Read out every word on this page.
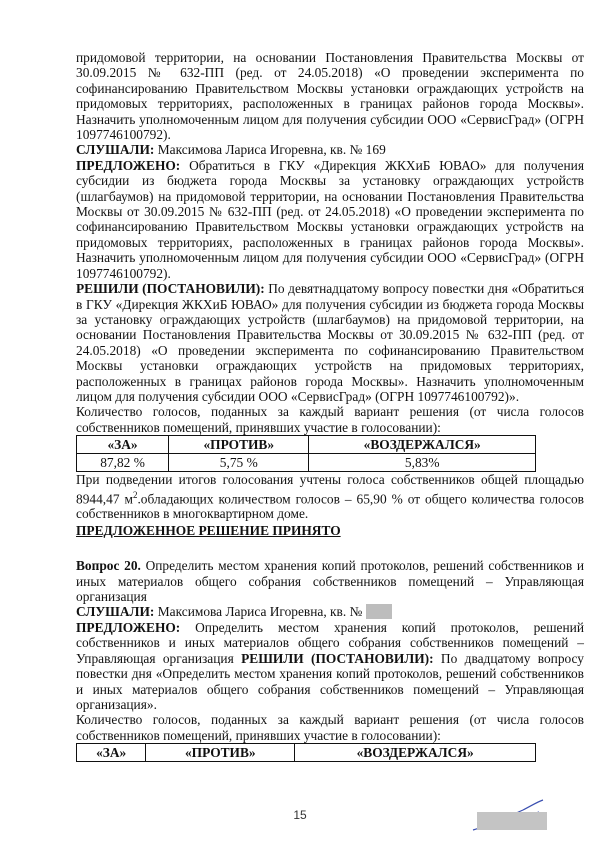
придомовой территории, на основании Постановления Правительства Москвы от 30.09.2015 № 632-ПП (ред. от 24.05.2018) «О проведении эксперимента по софинансированию Правительством Москвы установки ограждающих устройств на придомовых территориях, расположенных в границах районов города Москвы». Назначить уполномоченным лицом для получения субсидии ООО «СервисГрад» (ОГРН 1097746100792).

СЛУШАЛИ: Максимова Лариса Игоревна, кв. № 169

ПРЕДЛОЖЕНО: Обратиться в ГКУ «Дирекция ЖКХиБ ЮВАО» для получения субсидии из бюджета города Москвы за установку ограждающих устройств (шлагбаумов) на придомовой территории, на основании Постановления Правительства Москвы от 30.09.2015 № 632-ПП (ред. от 24.05.2018) «О проведении эксперимента по софинансированию Правительством Москвы установки ограждающих устройств на придомовых территориях, расположенных в границах районов города Москвы». Назначить уполномоченным лицом для получения субсидии ООО «СервисГрад» (ОГРН 1097746100792).

РЕШИЛИ (ПОСТАНОВИЛИ): По девятнадцатому вопросу повестки дня «Обратиться в ГКУ «Дирекция ЖКХиБ ЮВАО» для получения субсидии из бюджета города Москвы за установку ограждающих устройств (шлагбаумов) на придомовой территории, на основании Постановления Правительства Москвы от 30.09.2015 № 632-ПП (ред. от 24.05.2018) «О проведении эксперимента по софинансированию Правительством Москвы установки ограждающих устройств на придомовых территориях, расположенных в границах районов города Москвы». Назначить уполномоченным лицом для получения субсидии ООО «СервисГрад» (ОГРН 1097746100792)».

Количество голосов, поданных за каждый вариант решения (от числа голосов собственников помещений, принявших участие в голосовании):

«ЗА»	«ПРОТИВ»	«ВОЗДЕРЖАЛСЯ»
87,82 %	5,75 %	5,83%

При подведении итогов голосования учтены голоса собственников общей площадью 8944,47 $м^2.обладающих$ количеством голосов – 65,90 % от общего количества голосов собственников в многоквартирном доме.

ПРЕДЛОЖЕННОЕ РЕШЕНИЕ ПРИНЯТО

Вопрос 20. Определить местом хранения копий протоколов, решений собственников и иных материалов общего собрания собственников помещений – Управляющая организация

СЛУШАЛИ: Максимова Лариса Игоревна, кв. №

ПРЕДЛОЖЕНО: Определить местом хранения копий протоколов, решений собственников и иных материалов общего собрания собственников помещений – Управляющая организация РЕШИЛИ (ПОСТАНОВИЛИ): По двадцатому вопросу повестки дня «Определить местом хранения копий протоколов, решений собственников и иных материалов общего собрания собственников помещений – Управляющая организация».

Количество голосов, поданных за каждый вариант решения (от числа голосов собственников помещений, принявших участие в голосовании):

«ЗА»	«ПРОТИВ»	«ВОЗДЕРЖАЛСЯ»
15
